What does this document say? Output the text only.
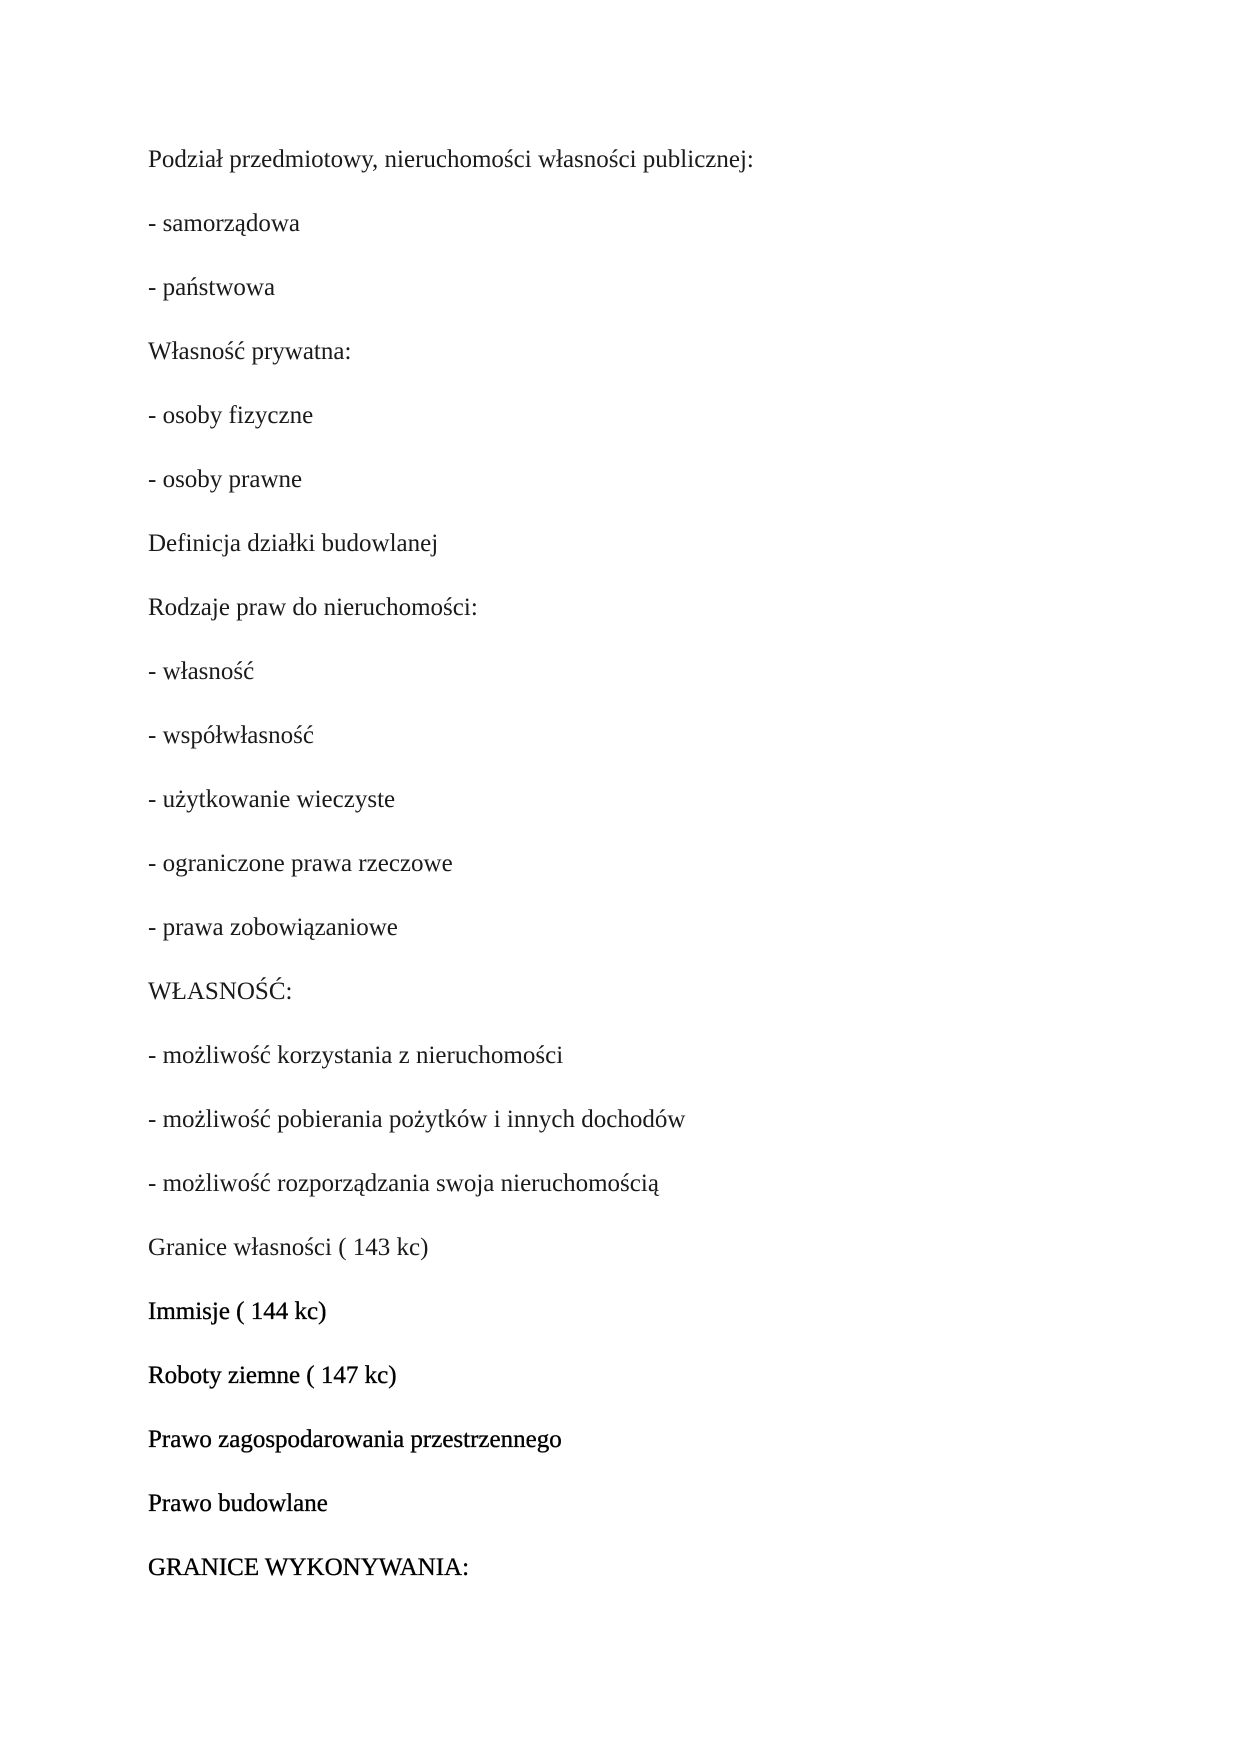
Podział przedmiotowy, nieruchomości własności publicznej:
- samorządowa
- państwowa
Własność prywatna:
- osoby fizyczne
- osoby prawne
Definicja działki budowlanej
Rodzaje praw do nieruchomości:
- własność
- współwłasność
- użytkowanie wieczyste
- ograniczone prawa rzeczowe
- prawa zobowiązaniowe
WŁASNOŚĆ:
- możliwość korzystania z nieruchomości
- możliwość pobierania pożytków i innych dochodów
- możliwość rozporządzania swoja nieruchomością
Granice własności ( 143 kc)
Immisje ( 144 kc)
Roboty ziemne ( 147 kc)
Prawo zagospodarowania przestrzennego
Prawo budowlane
GRANICE WYKONYWANIA:
